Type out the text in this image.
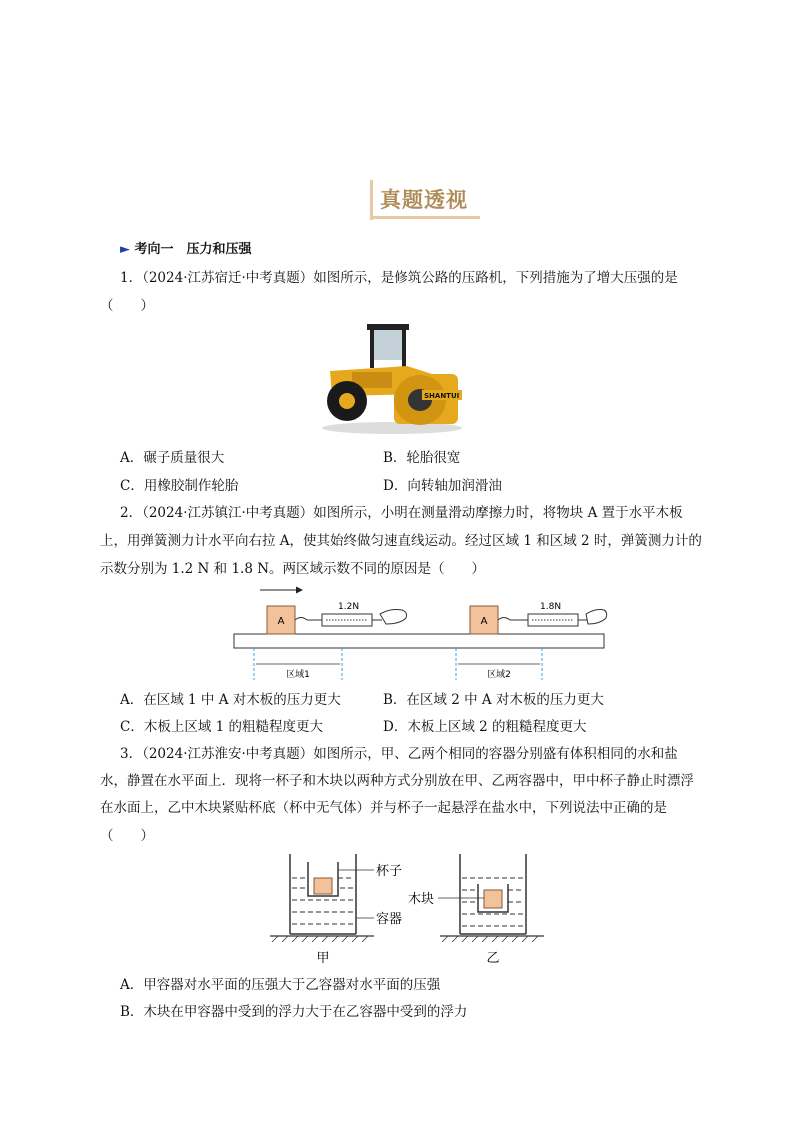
真题透视
► 考向一　压力和压强
1．（2024·江苏宿迁·中考真题）如图所示，是修筑公路的压路机，下列措施为了增大压强的是
（　　）
SHANTUI
A．碾子质量很大	B．轮胎很宽
C．用橡胶制作轮胎	D．向转轴加润滑油
2．（2024·江苏镇江·中考真题）如图所示，小明在测量滑动摩擦力时，将物块 A 置于水平木板
上，用弹簧测力计水平向右拉 A，使其始终做匀速直线运动。经过区域 1 和区域 2 时，弹簧测力计的
示数分别为 1.2 N 和 1.8 N。两区域示数不同的原因是（　　）
A
1.2N
A
1.8N
区域1	区域2
A．在区域 1 中 A 对木板的压力更大	B．在区域 2 中 A 对木板的压力更大
C．木板上区域 1 的粗糙程度更大	D．木板上区域 2 的粗糙程度更大
3．（2024·江苏淮安·中考真题）如图所示，甲、乙两个相同的容器分别盛有体积相同的水和盐
水，静置在水平面上．现将一杯子和木块以两种方式分别放在甲、乙两容器中，甲中杯子静止时漂浮
在水面上，乙中木块紧贴杯底（杯中无气体）并与杯子一起悬浮在盐水中，下列说法中正确的是
（　　）
杯子
容器
甲
木块
乙
A．甲容器对水平面的压强大于乙容器对水平面的压强
B．木块在甲容器中受到的浮力大于在乙容器中受到的浮力
